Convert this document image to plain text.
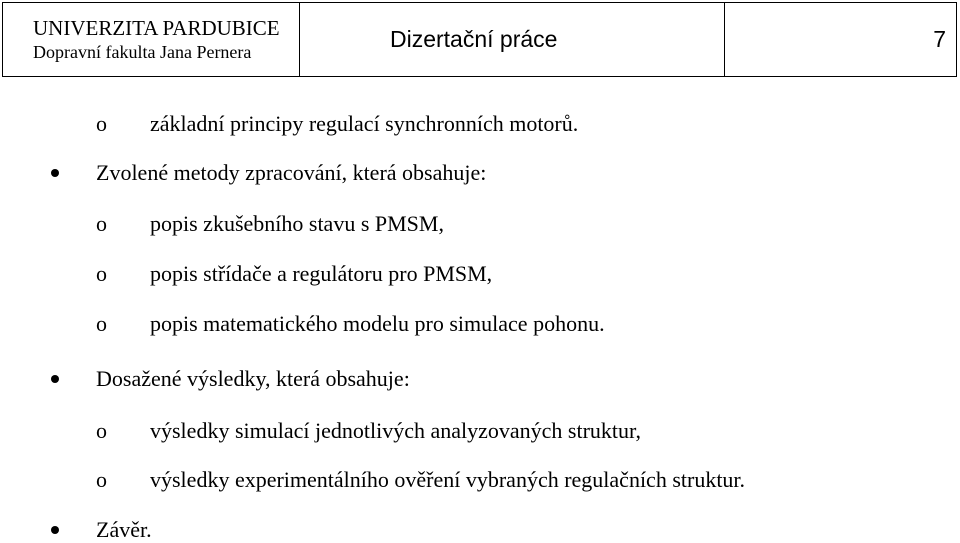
UNIVERZITA PARDUBICE
Dopravní fakulta Jana Pernera	Dizertační práce	7
o základní principy regulací synchronních motorů.
Zvolené metody zpracování, která obsahuje:
o popis zkušebního stavu s PMSM,
o popis střídače a regulátoru pro PMSM,
o popis matematického modelu pro simulace pohonu.
Dosažené výsledky, která obsahuje:
o výsledky simulací jednotlivých analyzovaných struktur,
o výsledky experimentálního ověření vybraných regulačních struktur.
Závěr.
